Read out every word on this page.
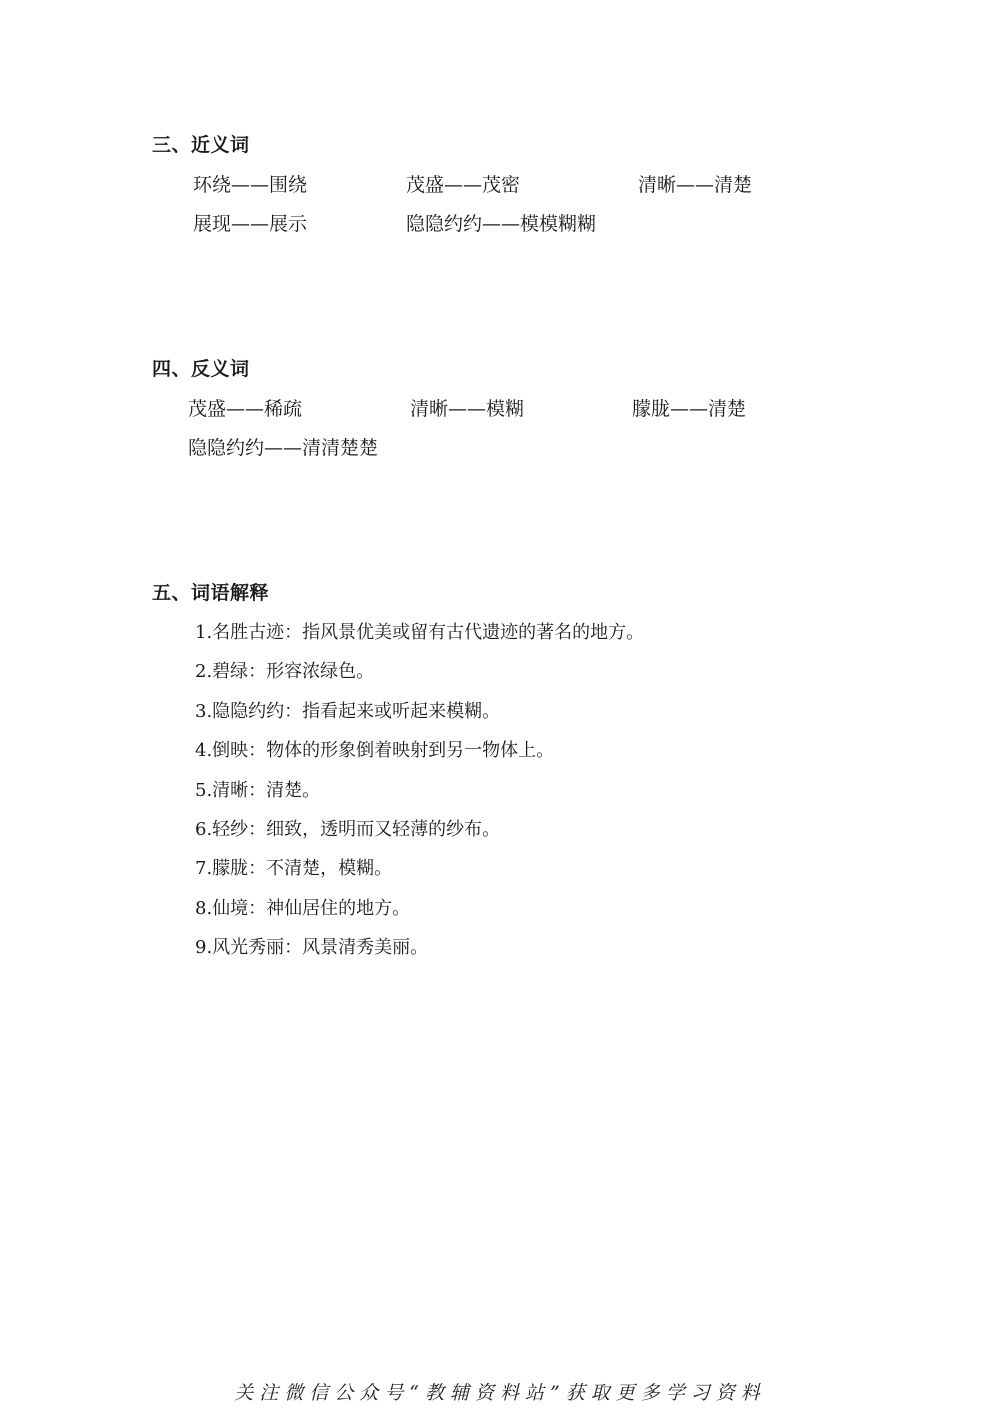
三、近义词
环绕——围绕	茂盛——茂密	清晰——清楚
展现——展示	隐隐约约——模模糊糊
四、反义词
茂盛——稀疏	清晰——模糊	朦胧——清楚
隐隐约约——清清楚楚
五、词语解释
1.名胜古迹：指风景优美或留有古代遗迹的著名的地方。
2.碧绿：形容浓绿色。
3.隐隐约约：指看起来或听起来模糊。
4.倒映：物体的形象倒着映射到另一物体上。
5.清晰：清楚。
6.轻纱：细致，透明而又轻薄的纱布。
7.朦胧：不清楚，模糊。
8.仙境：神仙居住的地方。
9.风光秀丽：风景清秀美丽。
关注微信公众号“教辅资料站”获取更多学习资料
